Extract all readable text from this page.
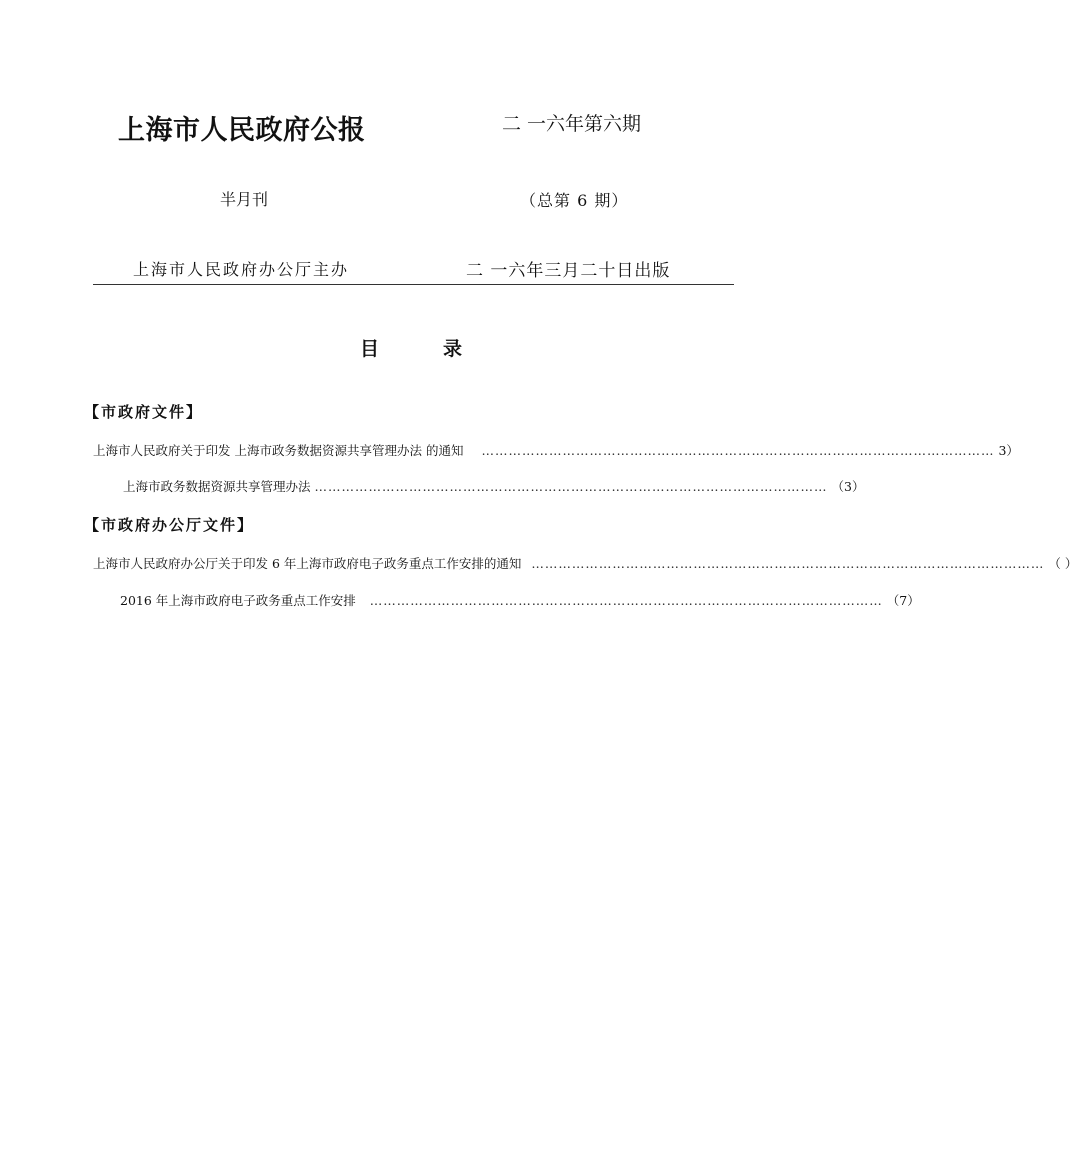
上海市人民政府公报	二 一六年第六期
半月刊	（总第 6 期）
上海市人民政府办公厅主办	二 一六年三月二十日出版
目	录
【市政府文件】
上海市人民政府关于印发 上海市政务数据资源共享管理办法 的通知 …………………………………………………………………………………………………… 3）
上海市政务数据资源共享管理办法 …………………………………………………………………………………………………… （3）
【市政府办公厅文件】
上海市人民政府办公厅关于印发 6 年上海市政府电子政务重点工作安排的通知 …………………………………………………………………………………………………… （ ）
2016 年上海市政府电子政务重点工作安排 …………………………………………………………………………………………………… （7）
